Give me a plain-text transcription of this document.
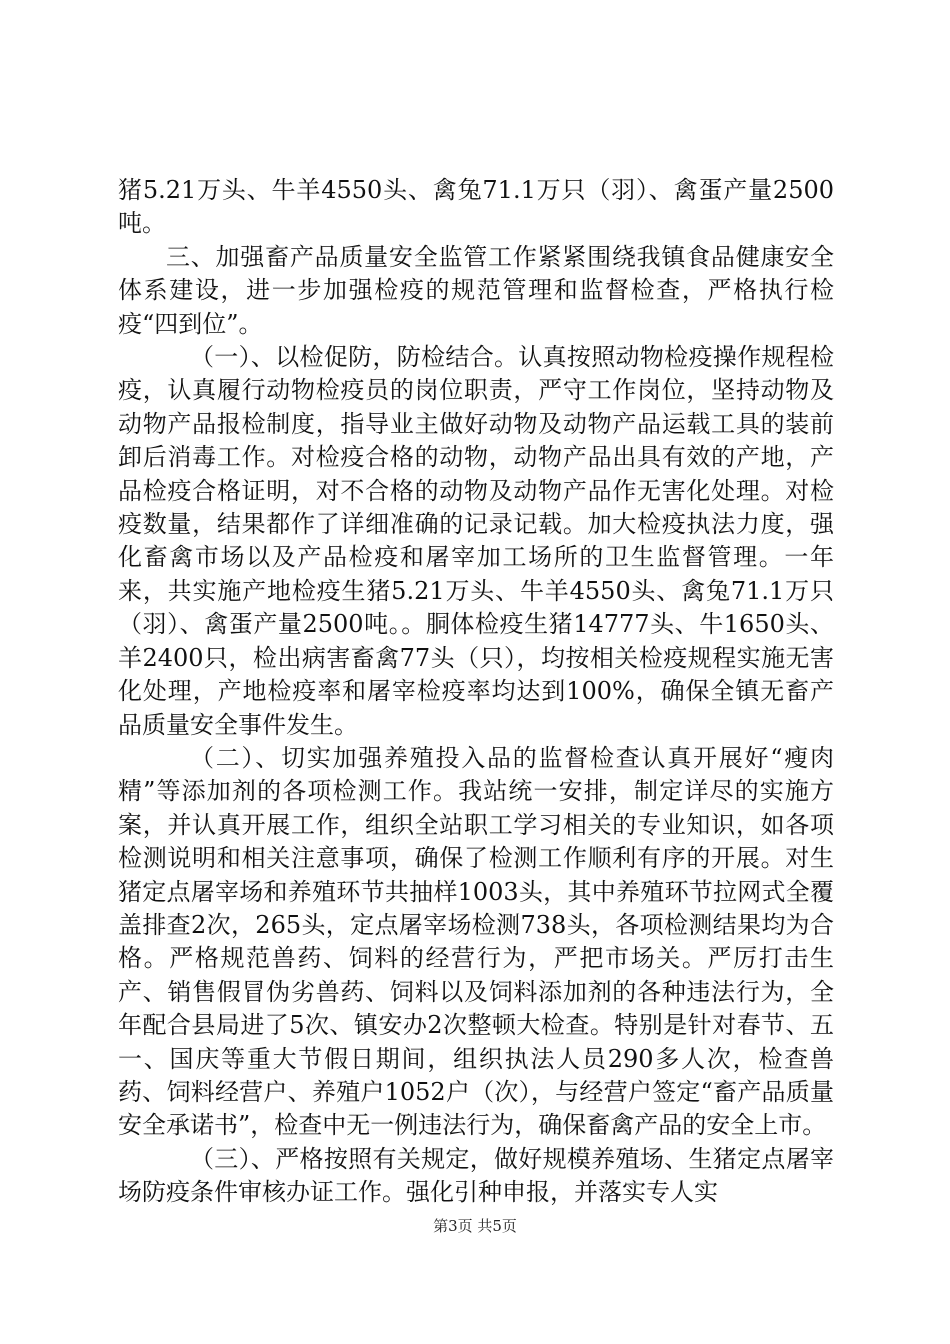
猪5.21万头、牛羊4550头、禽兔71.1万只（羽）、禽蛋产量2500吨。

三、加强畜产品质量安全监管工作紧紧围绕我镇食品健康安全体系建设，进一步加强检疫的规范管理和监督检查，严格执行检疫“四到位”。

（一）、以检促防，防检结合。认真按照动物检疫操作规程检疫，认真履行动物检疫员的岗位职责，严守工作岗位，坚持动物及动物产品报检制度，指导业主做好动物及动物产品运载工具的装前卸后消毒工作。对检疫合格的动物，动物产品出具有效的产地，产品检疫合格证明，对不合格的动物及动物产品作无害化处理。对检疫数量，结果都作了详细准确的记录记载。加大检疫执法力度，强化畜禽市场以及产品检疫和屠宰加工场所的卫生监督管理。一年来，共实施产地检疫生猪5.21万头、牛羊4550头、禽兔71.1万只（羽）、禽蛋产量2500吨。。胴体检疫生猪14777头、牛1650头、羊2400只，检出病害畜禽77头（只），均按相关检疫规程实施无害化处理，产地检疫率和屠宰检疫率均达到100%，确保全镇无畜产品质量安全事件发生。

（二）、切实加强养殖投入品的监督检查认真开展好“瘦肉精”等添加剂的各项检测工作。我站统一安排，制定详尽的实施方案，并认真开展工作，组织全站职工学习相关的专业知识，如各项检测说明和相关注意事项，确保了检测工作顺利有序的开展。对生猪定点屠宰场和养殖环节共抽样1003头，其中养殖环节拉网式全覆盖排查2次，265头，定点屠宰场检测738头，各项检测结果均为合格。严格规范兽药、饲料的经营行为，严把市场关。严厉打击生产、销售假冒伪劣兽药、饲料以及饲料添加剂的各种违法行为，全年配合县局进了5次、镇安办2次整顿大检查。特别是针对春节、五一、国庆等重大节假日期间，组织执法人员290多人次，检查兽药、饲料经营户、养殖户1052户（次），与经营户签定“畜产品质量安全承诺书”，检查中无一例违法行为，确保畜禽产品的安全上市。

（三）、严格按照有关规定，做好规模养殖场、生猪定点屠宰场防疫条件审核办证工作。强化引种申报，并落实专人实

第3页 共5页
